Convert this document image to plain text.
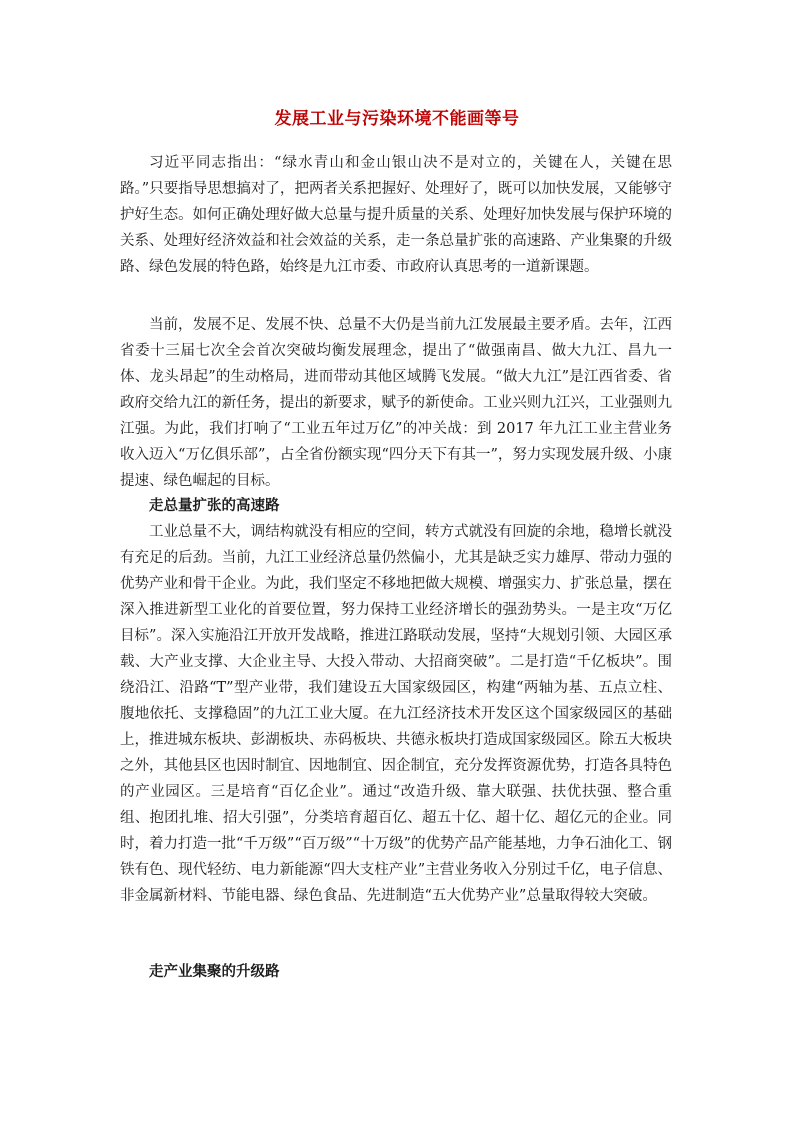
发展工业与污染环境不能画等号

习近平同志指出：“绿水青山和金山银山决不是对立的，关键在人，关键在思路。”只要指导思想搞对了，把两者关系把握好、处理好了，既可以加快发展，又能够守护好生态。如何正确处理好做大总量与提升质量的关系、处理好加快发展与保护环境的关系、处理好经济效益和社会效益的关系，走一条总量扩张的高速路、产业集聚的升级路、绿色发展的特色路，始终是九江市委、市政府认真思考的一道新课题。

当前，发展不足、发展不快、总量不大仍是当前九江发展最主要矛盾。去年，江西省委十三届七次全会首次突破均衡发展理念，提出了“做强南昌、做大九江、昌九一体、龙头昂起”的生动格局，进而带动其他区域腾飞发展。“做大九江”是江西省委、省政府交给九江的新任务，提出的新要求，赋予的新使命。工业兴则九江兴，工业强则九江强。为此，我们打响了“工业五年过万亿”的冲关战：到 2017 年九江工业主营业务收入迈入“万亿俱乐部”，占全省份额实现“四分天下有其一”，努力实现发展升级、小康提速、绿色崛起的目标。

走总量扩张的高速路

工业总量不大，调结构就没有相应的空间，转方式就没有回旋的余地，稳增长就没有充足的后劲。当前，九江工业经济总量仍然偏小，尤其是缺乏实力雄厚、带动力强的优势产业和骨干企业。为此，我们坚定不移地把做大规模、增强实力、扩张总量，摆在深入推进新型工业化的首要位置，努力保持工业经济增长的强劲势头。一是主攻“万亿目标”。深入实施沿江开放开发战略，推进江路联动发展，坚持“大规划引领、大园区承载、大产业支撑、大企业主导、大投入带动、大招商突破”。二是打造“千亿板块”。围绕沿江、沿路“T”型产业带，我们建设五大国家级园区，构建“两轴为基、五点立柱、腹地依托、支撑稳固”的九江工业大厦。在九江经济技术开发区这个国家级园区的基础上，推进城东板块、彭湖板块、赤码板块、共德永板块打造成国家级园区。除五大板块之外，其他县区也因时制宜、因地制宜、因企制宜，充分发挥资源优势，打造各具特色的产业园区。三是培育“百亿企业”。通过“改造升级、靠大联强、扶优扶强、整合重组、抱团扎堆、招大引强”，分类培育超百亿、超五十亿、超十亿、超亿元的企业。同时，着力打造一批“千万级”“百万级”“十万级”的优势产品产能基地，力争石油化工、钢铁有色、现代轻纺、电力新能源“四大支柱产业”主营业务收入分别过千亿，电子信息、非金属新材料、节能电器、绿色食品、先进制造“五大优势产业”总量取得较大突破。

走产业集聚的升级路
